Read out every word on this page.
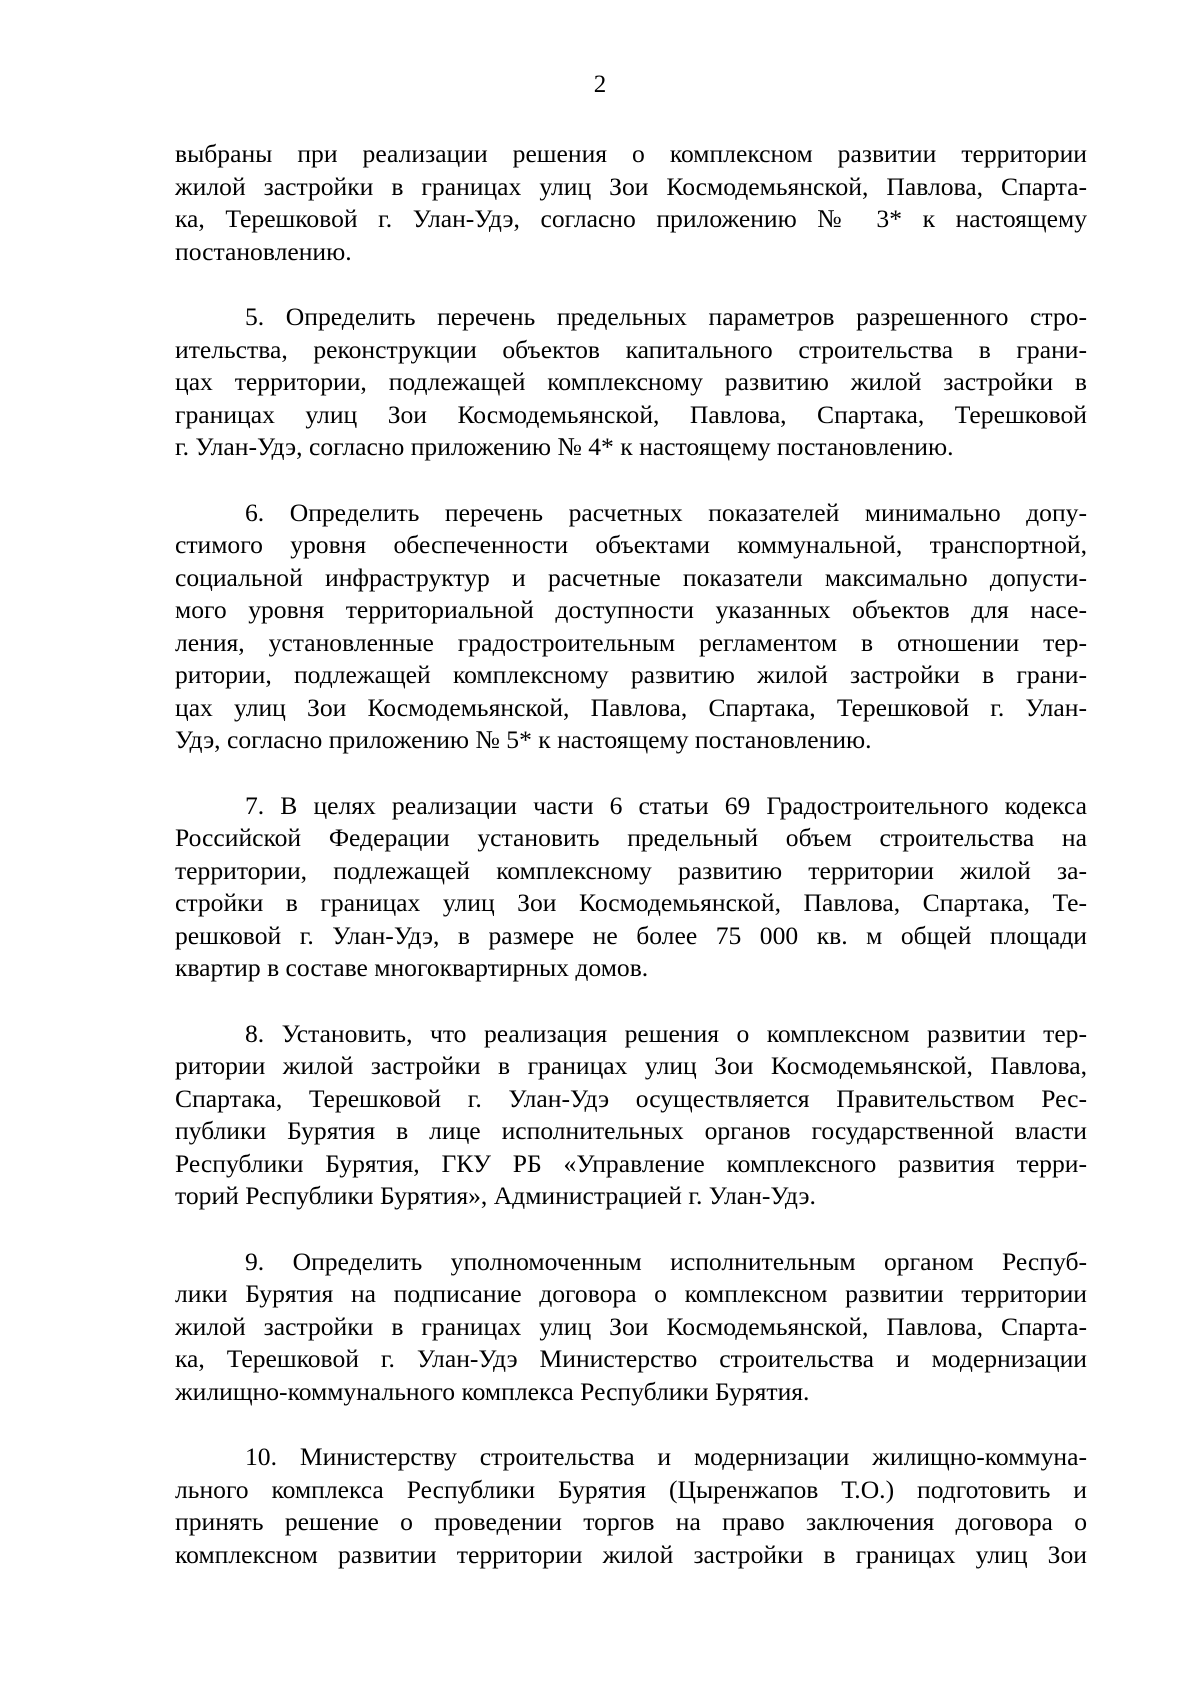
2
выбраны при реализации решения о комплексном развитии территории
жилой застройки в границах улиц Зои Космодемьянской, Павлова, Спарта-
ка, Терешковой г. Улан-Удэ, согласно приложению № 3* к настоящему
постановлению.
5. Определить перечень предельных параметров разрешенного стро-
ительства, реконструкции объектов капитального строительства в грани-
цах территории, подлежащей комплексному развитию жилой застройки в
границах улиц Зои Космодемьянской, Павлова, Спартака, Терешковой
г. Улан-Удэ, согласно приложению № 4* к настоящему постановлению.
6. Определить перечень расчетных показателей минимально допу-
стимого уровня обеспеченности объектами коммунальной, транспортной,
социальной инфраструктур и расчетные показатели максимально допусти-
мого уровня территориальной доступности указанных объектов для насе-
ления, установленные градостроительным регламентом в отношении тер-
ритории, подлежащей комплексному развитию жилой застройки в грани-
цах улиц Зои Космодемьянской, Павлова, Спартака, Терешковой г. Улан-
Удэ, согласно приложению № 5* к настоящему постановлению.
7. В целях реализации части 6 статьи 69 Градостроительного кодекса
Российской Федерации установить предельный объем строительства на
территории, подлежащей комплексному развитию территории жилой за-
стройки в границах улиц Зои Космодемьянской, Павлова, Спартака, Те-
решковой г. Улан-Удэ, в размере не более 75 000 кв. м общей площади
квартир в составе многоквартирных домов.
8. Установить, что реализация решения о комплексном развитии тер-
ритории жилой застройки в границах улиц Зои Космодемьянской, Павлова,
Спартака, Терешковой г. Улан-Удэ осуществляется Правительством Рес-
публики Бурятия в лице исполнительных органов государственной власти
Республики Бурятия, ГКУ РБ «Управление комплексного развития терри-
торий Республики Бурятия», Администрацией г. Улан-Удэ.
9. Определить уполномоченным исполнительным органом Респуб-
лики Бурятия на подписание договора о комплексном развитии территории
жилой застройки в границах улиц Зои Космодемьянской, Павлова, Спарта-
ка, Терешковой г. Улан-Удэ Министерство строительства и модернизации
жилищно-коммунального комплекса Республики Бурятия.
10. Министерству строительства и модернизации жилищно-коммуна-
льного комплекса Республики Бурятия (Цыренжапов Т.О.) подготовить и
принять решение о проведении торгов на право заключения договора о
комплексном развитии территории жилой застройки в границах улиц Зои
